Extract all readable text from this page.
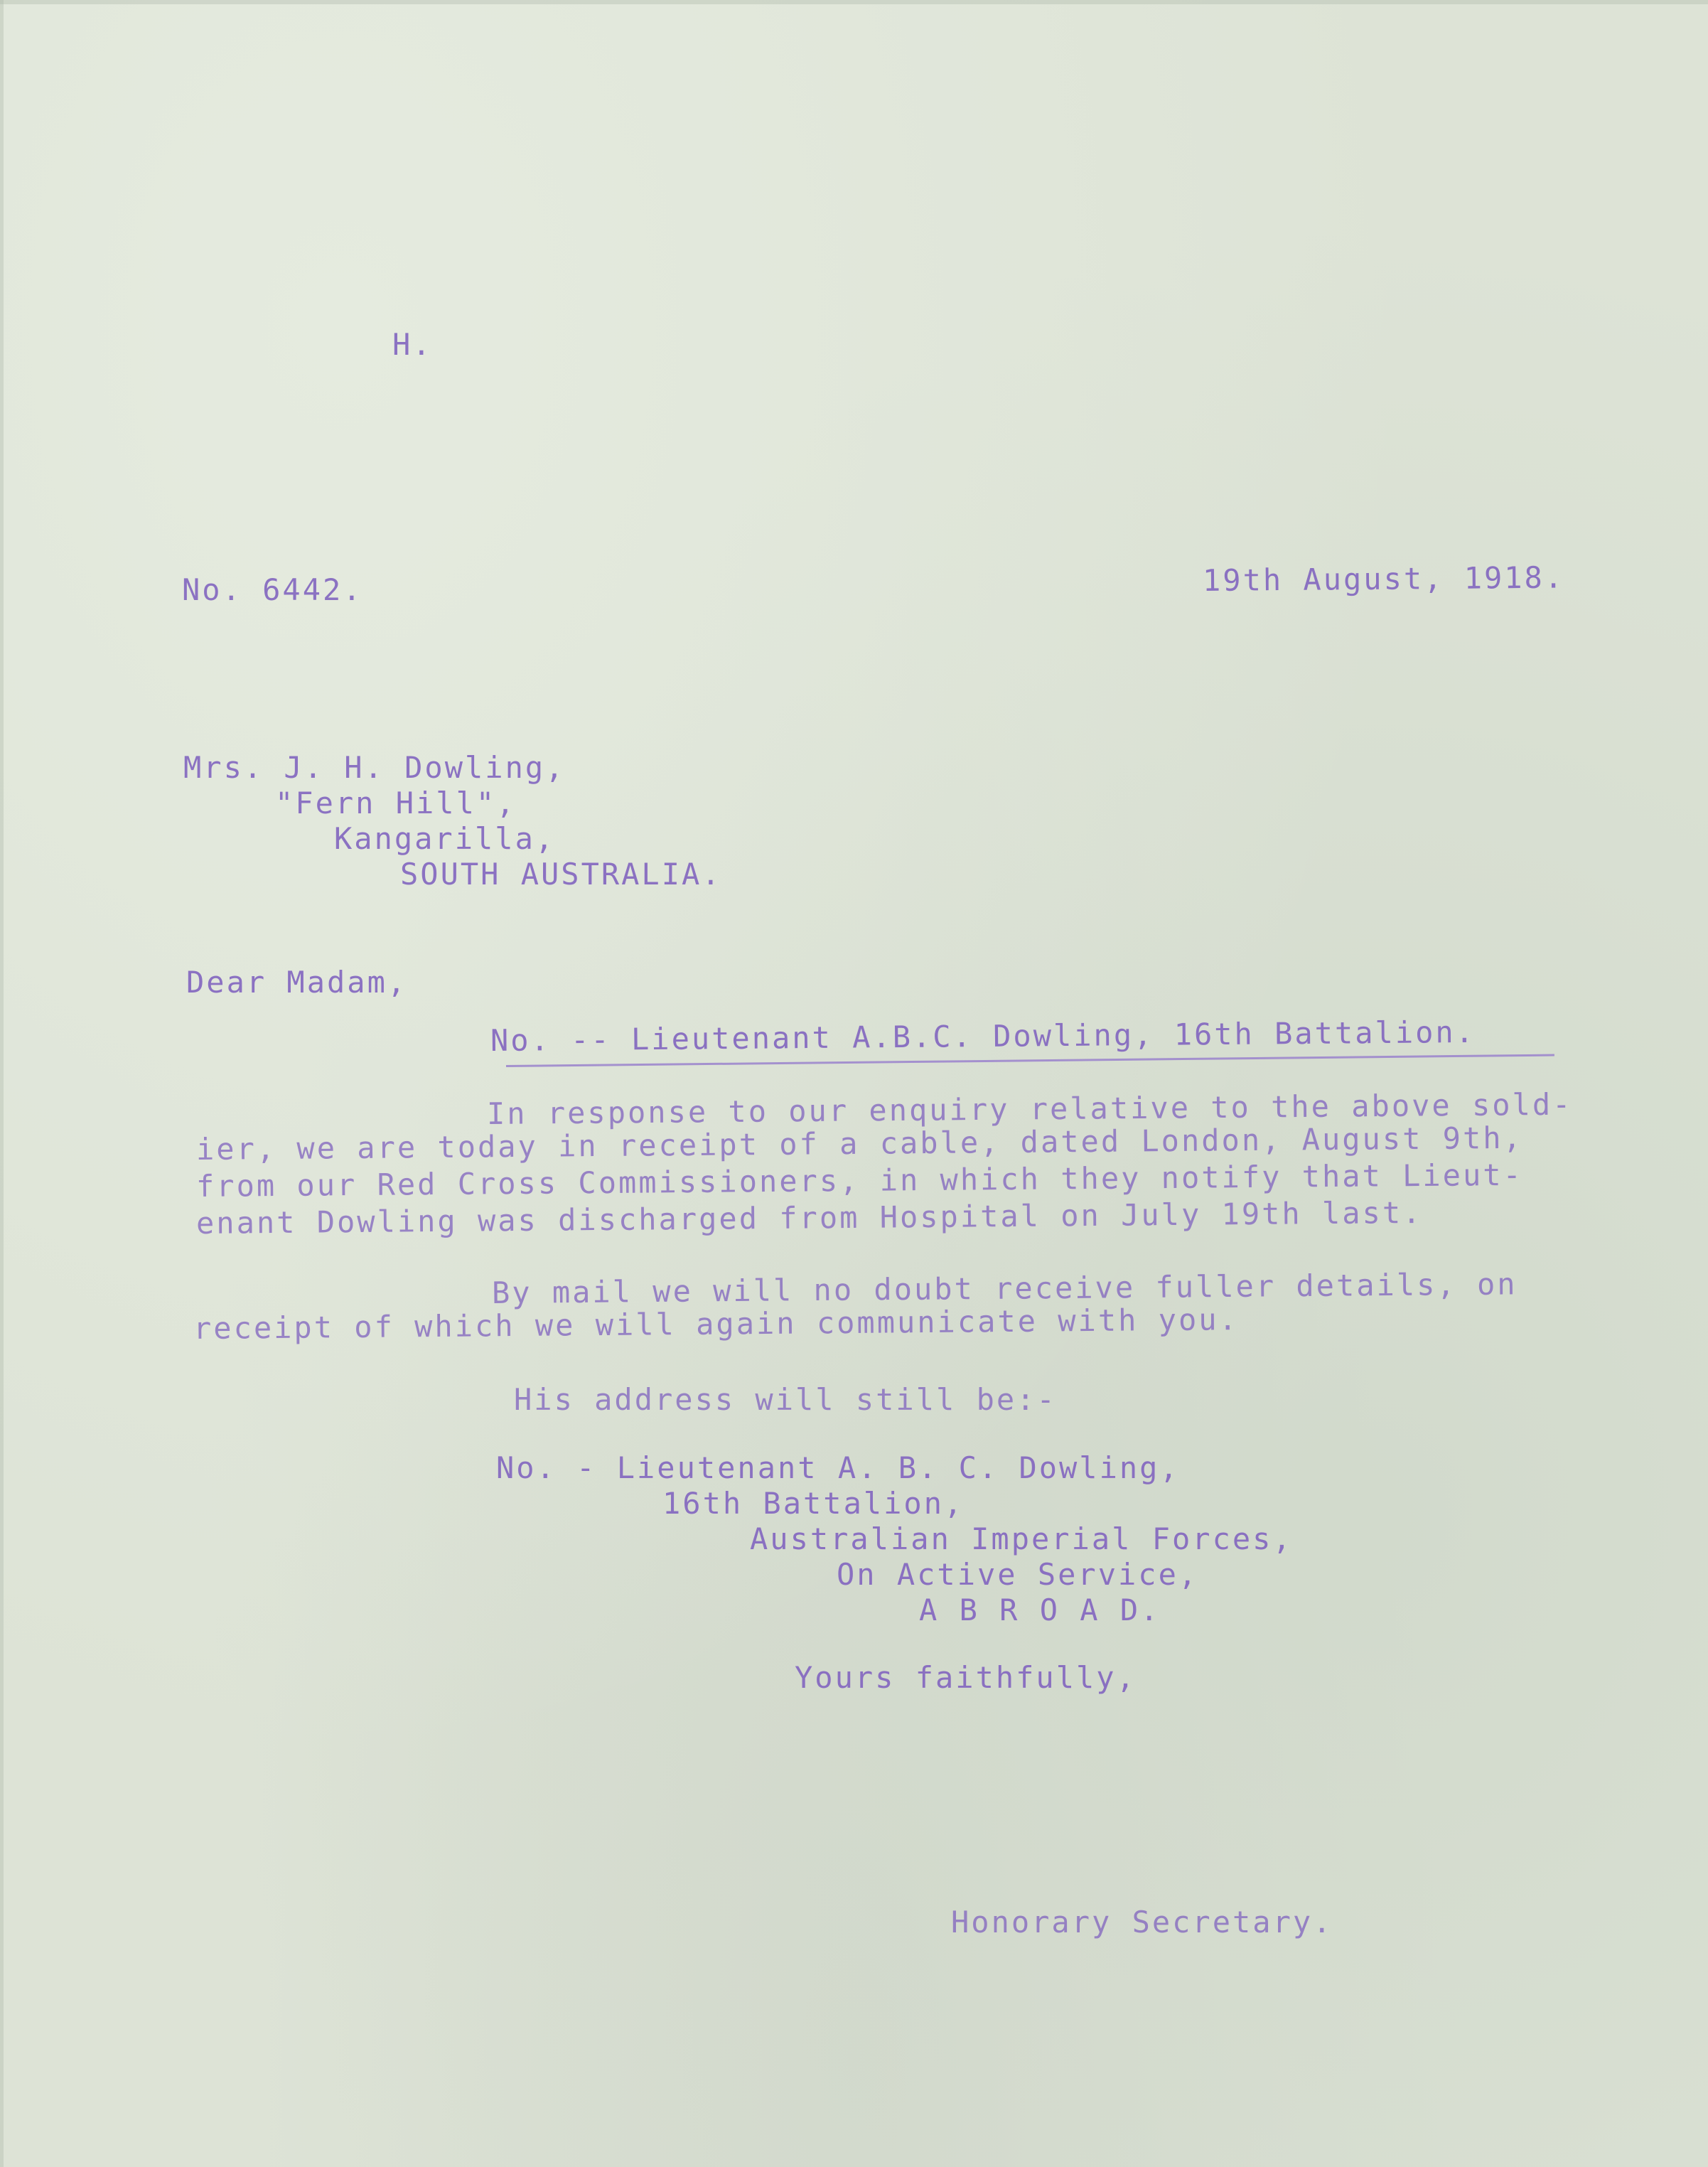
H.
No. 6442.	19th August, 1918.
Mrs. J. H. Dowling,
"Fern Hill",
Kangarilla,
SOUTH AUSTRALIA.
Dear Madam,
No. -- Lieutenant A.B.C. Dowling, 16th Battalion.
In response to our enquiry relative to the above sold-
ier, we are today in receipt of a cable, dated London, August 9th,
from our Red Cross Commissioners, in which they notify that Lieut-
enant Dowling was discharged from Hospital on July 19th last.
By mail we will no doubt receive fuller details, on
receipt of which we will again communicate with you.
His address will still be:-
No. - Lieutenant A. B. C. Dowling,
16th Battalion,
Australian Imperial Forces,
On Active Service,
A B R O A D.
Yours faithfully,
Honorary Secretary.
